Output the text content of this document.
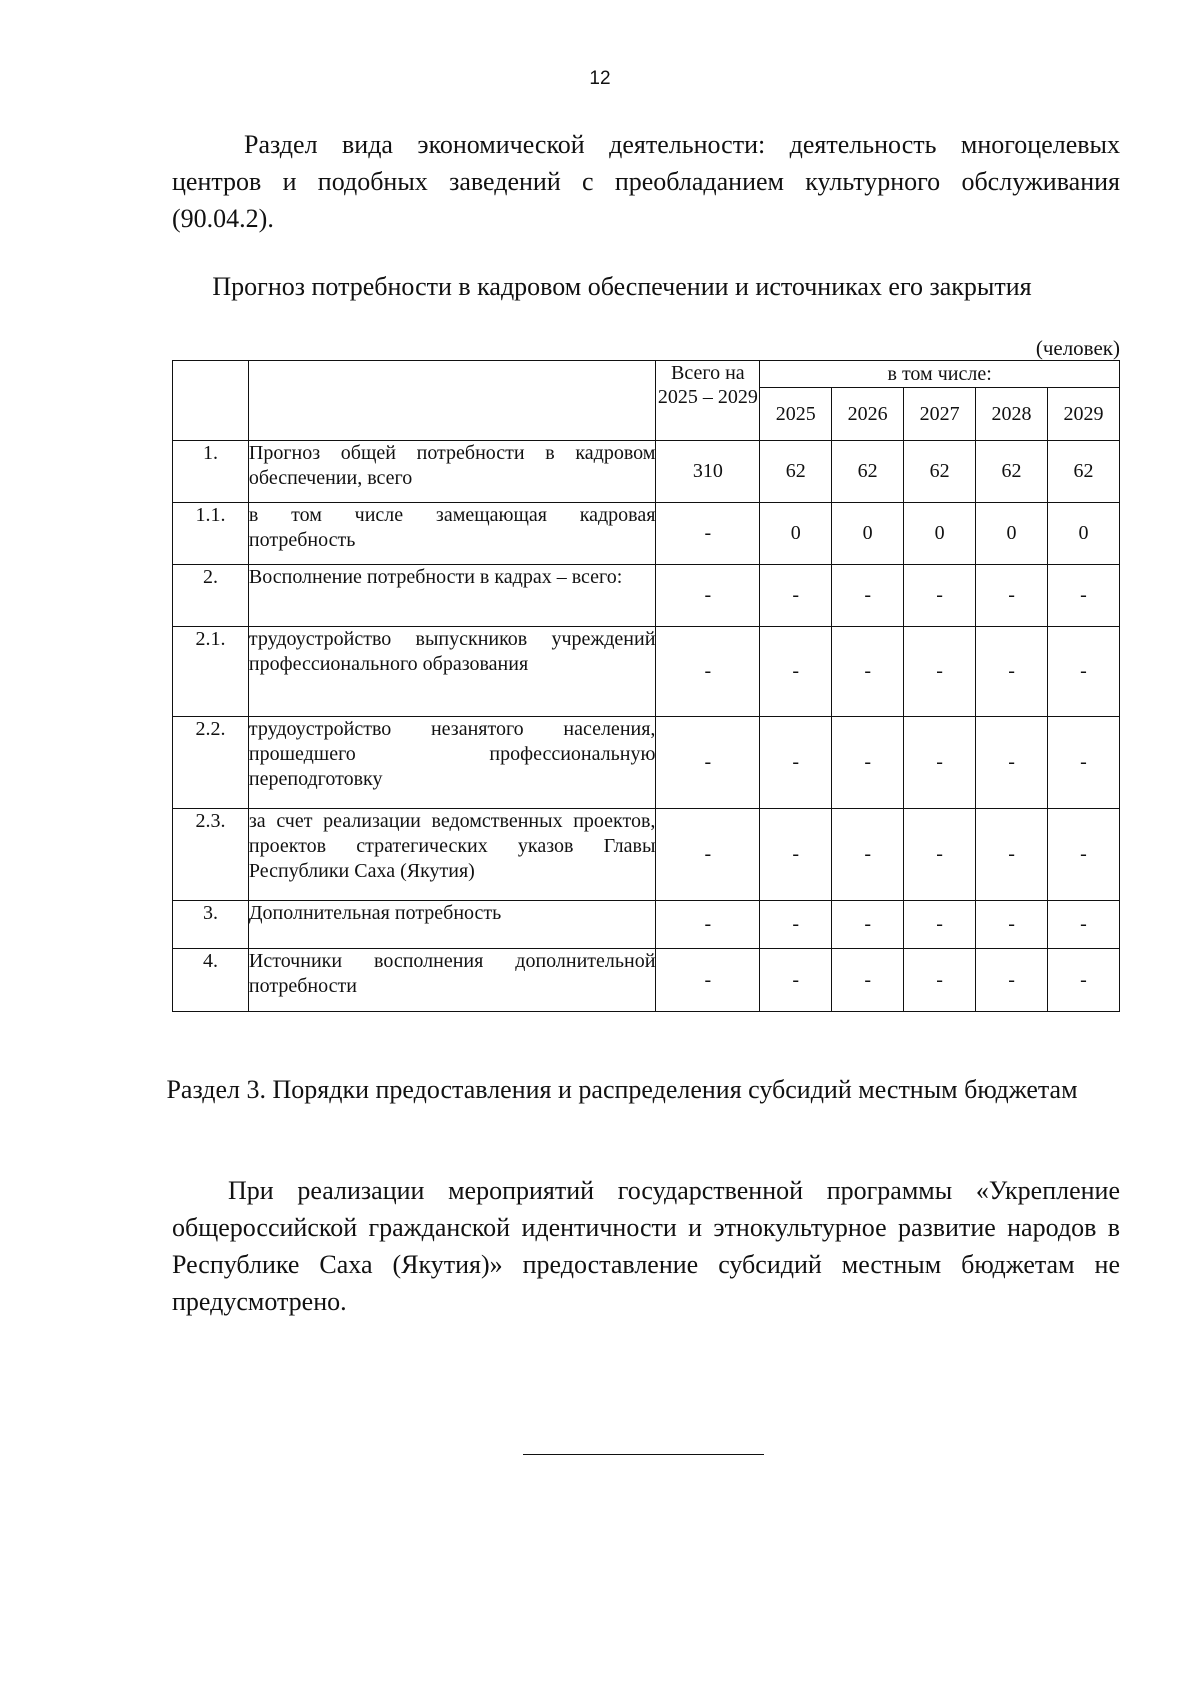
12

Раздел вида экономической деятельности: деятельность многоцелевых центров и подобных заведений с преобладанием культурного обслуживания (90.04.2).

Прогноз потребности в кадровом обеспечении и источниках его закрытия

(человек)
		Всего на 2025 – 2029	в том числе:				
			2025	2026	2027	2028	2029
1.	Прогноз общей потребности в кадровом обеспечении, всего	310	62	62	62	62	62
1.1.	в том числе замещающая кадровая потребность	-	0	0	0	0	0
2.	Восполнение потребности в кадрах – всего:	-	-	-	-	-	-
2.1.	трудоустройство выпускников учреждений профессионального образования	-	-	-	-	-	-
2.2.	трудоустройство незанятого населения, прошедшего профессиональную переподготовку	-	-	-	-	-	-
2.3.	за счет реализации ведомственных проектов, проектов стратегических указов Главы Республики Саха (Якутия)	-	-	-	-	-	-
3.	Дополнительная потребность	-	-	-	-	-	-
4.	Источники восполнения дополнительной потребности	-	-	-	-	-	-

Раздел 3. Порядки предоставления и распределения субсидий местным бюджетам

При реализации мероприятий государственной программы «Укрепление общероссийской гражданской идентичности и этнокультурное развитие народов в Республике Саха (Якутия)» предоставление субсидий местным бюджетам не предусмотрено.
